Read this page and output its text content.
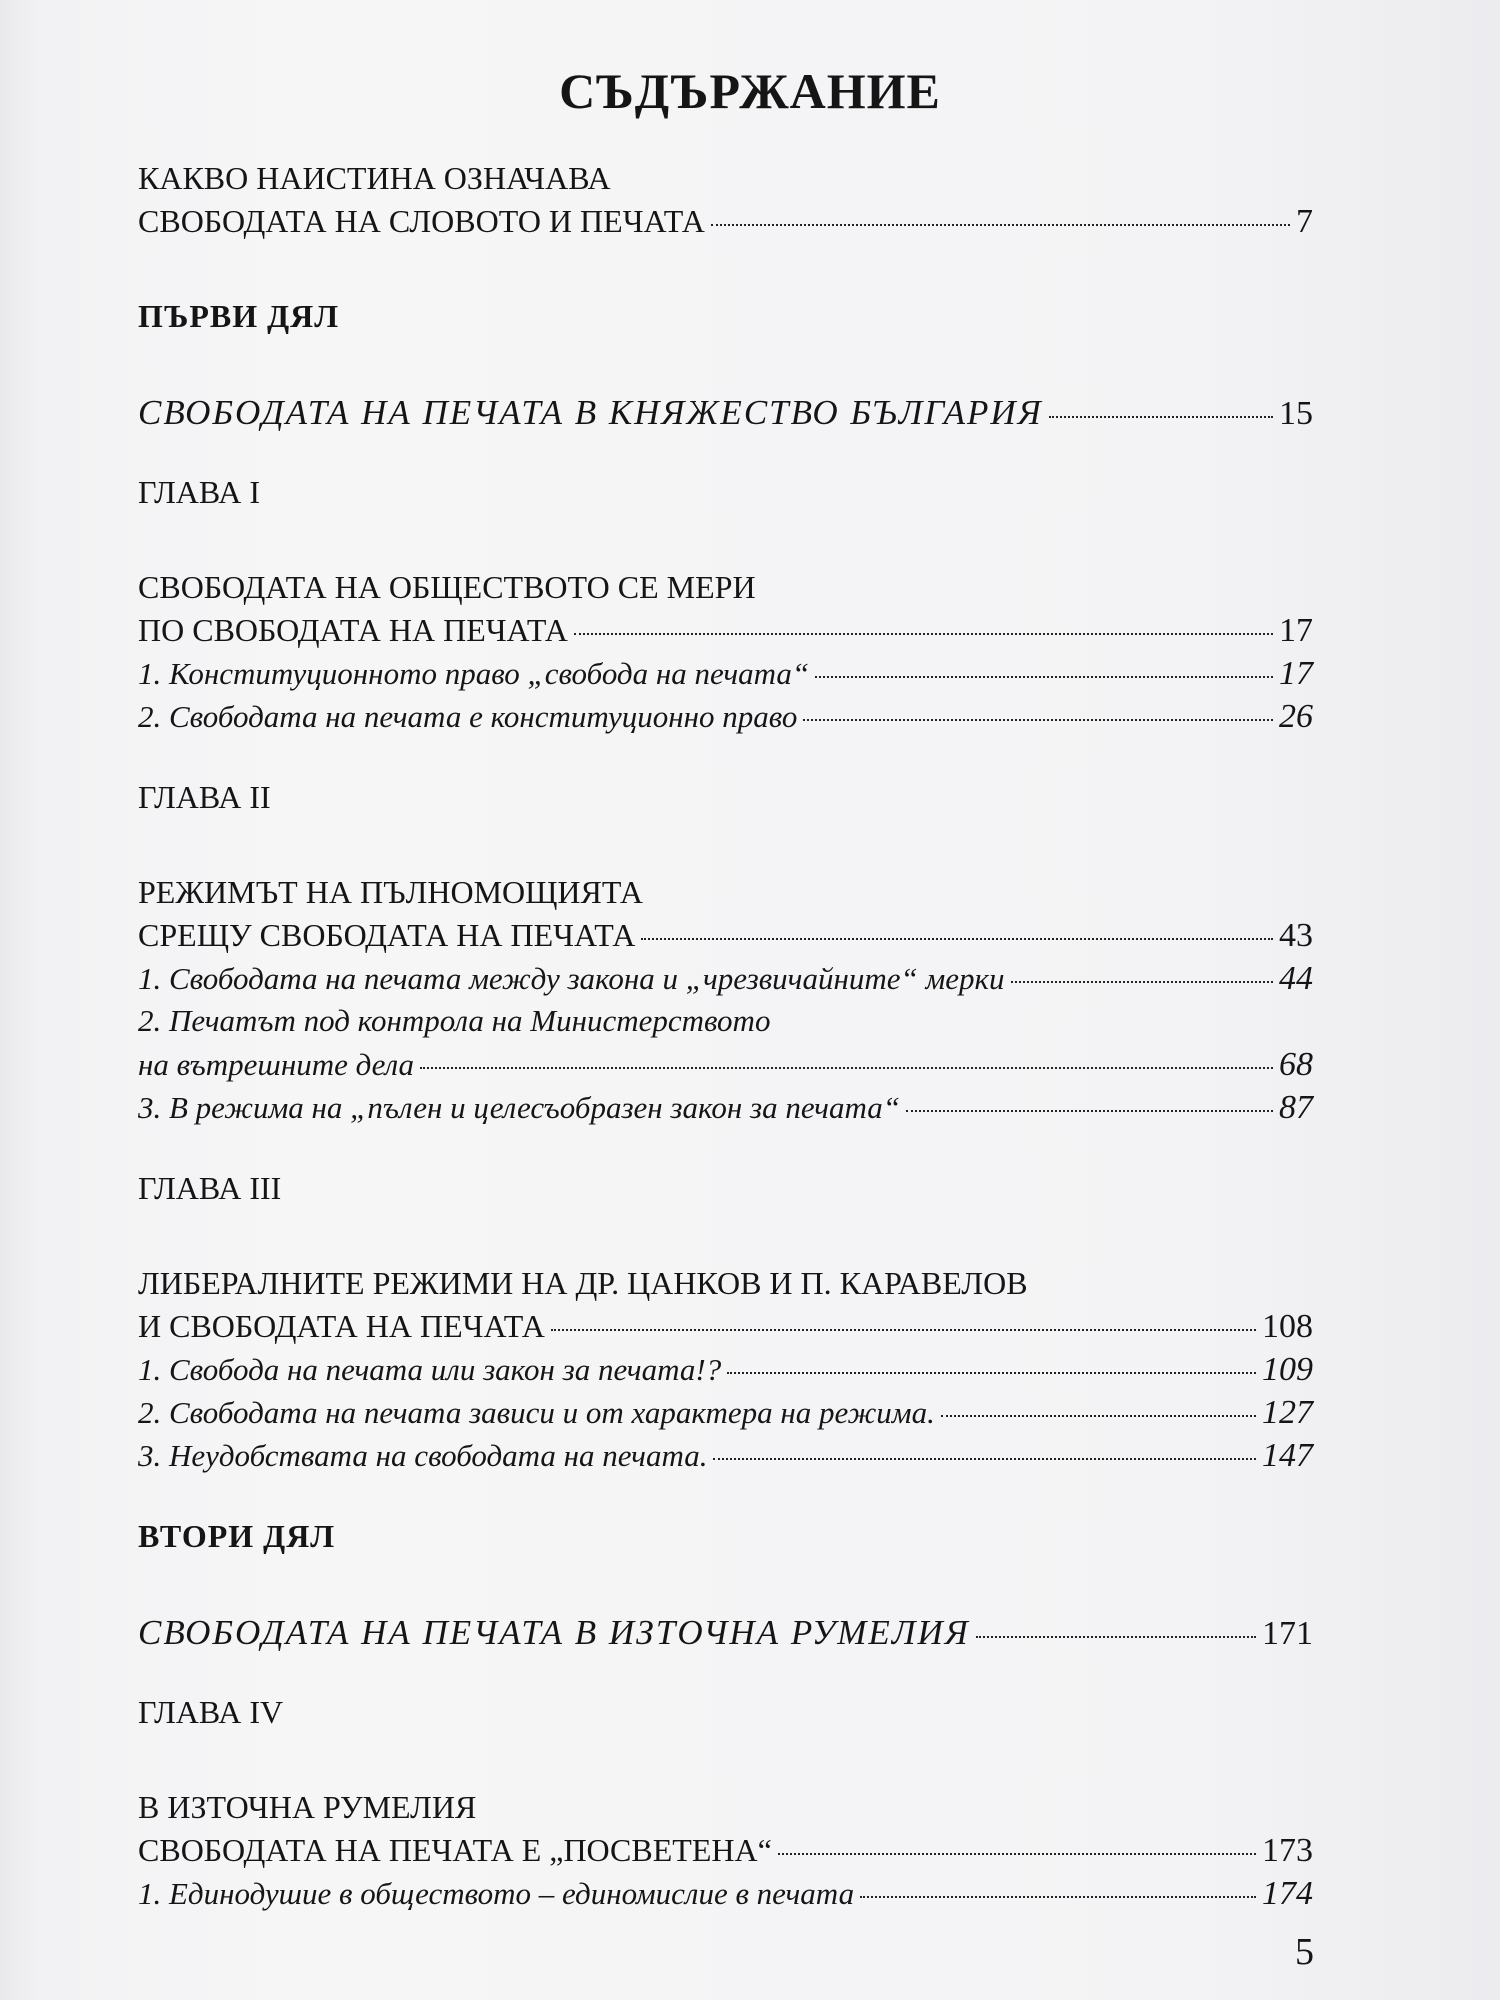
СЪДЪРЖАНИЕ
КАКВО НАИСТИНА ОЗНАЧАВА
СВОБОДАТА НА СЛОВОТО И ПЕЧАТА	7
ПЪРВИ ДЯЛ
СВОБОДАТА НА ПЕЧАТА В КНЯЖЕСТВО БЪЛГАРИЯ	15
ГЛАВА I
СВОБОДАТА НА ОБЩЕСТВОТО СЕ МЕРИ
ПО СВОБОДАТА НА ПЕЧАТА	17
1. Конституционното право „свобода на печата“	17
2. Свободата на печата е конституционно право	26
ГЛАВА II
РЕЖИМЪТ НА ПЪЛНОМОЩИЯТА
СРЕЩУ СВОБОДАТА НА ПЕЧАТА	43
1. Свободата на печата между закона и „чрезвичайните“ мерки	44
2. Печатът под контрола на Министерството
на вътрешните дела	68
3. В режима на „пълен и целесъобразен закон за печата“	87
ГЛАВА III
ЛИБЕРАЛНИТЕ РЕЖИМИ НА ДР. ЦАНКОВ И П. КАРАВЕЛОВ
И СВОБОДАТА НА ПЕЧАТА	108
1. Свобода на печата или закон за печата!?	109
2. Свободата на печата зависи и от характера на режима.	127
3. Неудобствата на свободата на печата.	147
ВТОРИ ДЯЛ
СВОБОДАТА НА ПЕЧАТА В ИЗТОЧНА РУМЕЛИЯ	171
ГЛАВА IV
В ИЗТОЧНА РУМЕЛИЯ
СВОБОДАТА НА ПЕЧАТА Е „ПОСВЕТЕНА“	173
1. Единодушие в обществото – единомислие в печата	174
5
